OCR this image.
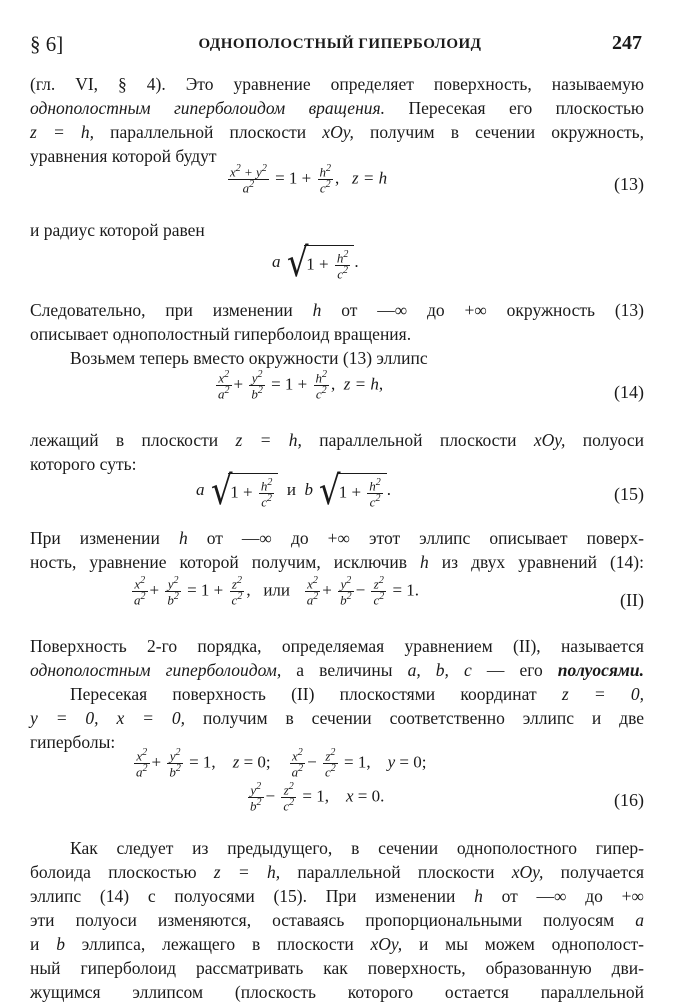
§ 6]	ОДНОПОЛОСТНЫЙ ГИПЕРБОЛОИД	247
(гл. VI, § 4). Это уравнение определяет поверхность, называемую
однополостным гиперболоидом вращения. Пересекая его плоскостью
z = h, параллельной плоскости xOy, получим в сечении окружность,
уравнения которой будут
$\frac{x^2 + y^2}{a^2} = 1 + \frac{h^2}{c^2}$ ,   z = h	(13)
и радиус которой равен
a $√1 + \frac{h^2}{c^2}$ .
Следовательно, при изменении h от —∞ до +∞ окружность (13)
описывает однополостный гиперболоид вращения.
Возьмем теперь вместо окружности (13) эллипс
$\frac{x^2}{a^2} + \frac{y^2}{b^2} = 1 + \frac{h^2}{c^2}$ ,  z = h,	(14)
лежащий в плоскости z = h, параллельной плоскости xOy, полуоси
которого суть:
a $√1 + \frac{h^2}{c^2}$ и  b $√1 + \frac{h^2}{c^2}$ .	(15)
При изменении h от —∞ до +∞ этот эллипс описывает поверх-
ность, уравнение которой получим, исключив h из двух уравнений (14):
$\frac{x^2}{a^2} + \frac{y^2}{b^2} = 1 + \frac{z^2}{c^2}$ , или $\frac{x^2}{a^2} + \frac{y^2}{b^2} - \frac{z^2}{c^2} = 1$.
(II)
Поверхность 2-го порядка, определяемая уравнением (II), называется
однополостным гиперболоидом, а величины a, b, c — его полуосями.
Пересекая поверхность (II) плоскостями координат z = 0,
y = 0, x = 0, получим в сечении соответственно эллипс и две
гиперболы:
$\frac{x^2}{a^2} + \frac{y^2}{b^2} = 1$,    z = 0; $\frac{x^2}{a^2} - \frac{z^2}{c^2} = 1$,    y = 0;
$\frac{y^2}{b^2} - \frac{z^2}{c^2} = 1$,    x = 0.	(16)
Как следует из предыдущего, в сечении однополостного гипер-
болоида плоскостью z = h, параллельной плоскости xOy, получается
эллипс (14) с полуосями (15). При изменении h от —∞ до +∞
эти полуоси изменяются, оставаясь пропорциональными полуосям a
и b эллипса, лежащего в плоскости xOy, и мы можем однополост-
ный гиперболоид рассматривать как поверхность, образованную дви-
жущимся эллипсом (плоскость которого остается параллельной
